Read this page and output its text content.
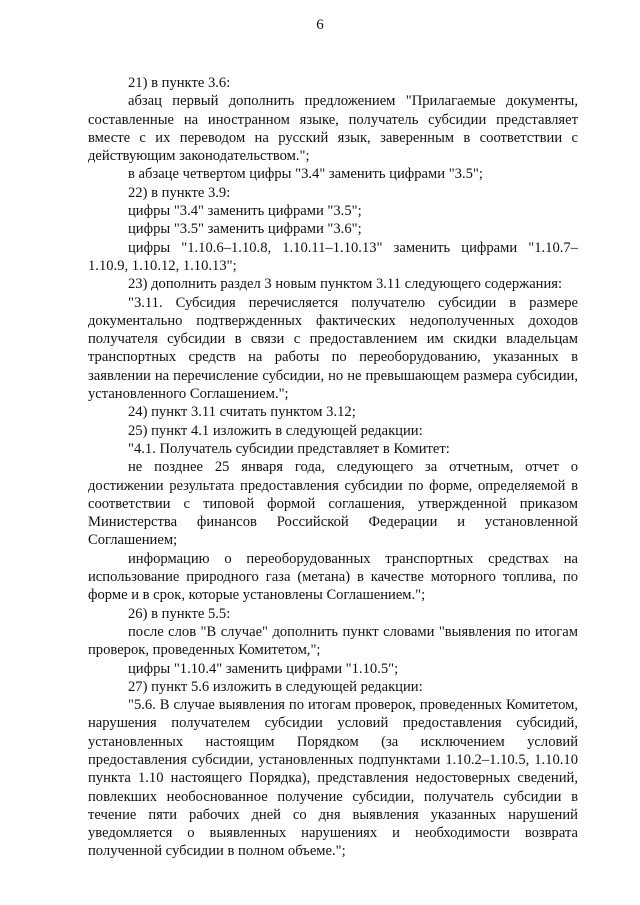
6

21) в пункте 3.6:

абзац первый дополнить предложением "Прилагаемые документы, составленные на иностранном языке, получатель субсидии представляет вместе с их переводом на русский язык, заверенным в соответствии с действующим законодательством.";

в абзаце четвертом цифры "3.4" заменить цифрами "3.5";

22) в пункте 3.9:

цифры "3.4" заменить цифрами "3.5";

цифры "3.5" заменить цифрами "3.6";

цифры "1.10.6–1.10.8, 1.10.11–1.10.13" заменить цифрами "1.10.7–1.10.9, 1.10.12, 1.10.13";

23) дополнить раздел 3 новым пунктом 3.11 следующего содержания:

"3.11. Субсидия перечисляется получателю субсидии в размере документально подтвержденных фактических недополученных доходов получателя субсидии в связи с предоставлением им скидки владельцам транспортных средств на работы по переоборудованию, указанных в заявлении на перечисление субсидии, но не превышающем размера субсидии, установленного Соглашением.";

24) пункт 3.11 считать пунктом 3.12;

25) пункт 4.1 изложить в следующей редакции:

"4.1. Получатель субсидии представляет в Комитет:

не позднее 25 января года, следующего за отчетным, отчет о достижении результата предоставления субсидии по форме, определяемой в соответствии с типовой формой соглашения, утвержденной приказом Министерства финансов Российской Федерации и установленной Соглашением;

информацию о переоборудованных транспортных средствах на использование природного газа (метана) в качестве моторного топлива, по форме и в срок, которые установлены Соглашением.";

26) в пункте 5.5:

после слов "В случае" дополнить пункт словами "выявления по итогам проверок, проведенных Комитетом,";

цифры "1.10.4" заменить цифрами "1.10.5";

27) пункт 5.6 изложить в следующей редакции:

"5.6. В случае выявления по итогам проверок, проведенных Комитетом, нарушения получателем субсидии условий предоставления субсидий, установленных настоящим Порядком (за исключением условий предоставления субсидии, установленных подпунктами 1.10.2–1.10.5, 1.10.10 пункта 1.10 настоящего Порядка), представления недостоверных сведений, повлекших необоснованное получение субсидии, получатель субсидии в течение пяти рабочих дней со дня выявления указанных нарушений уведомляется о выявленных нарушениях и необходимости возврата полученной субсидии в полном объеме.";
